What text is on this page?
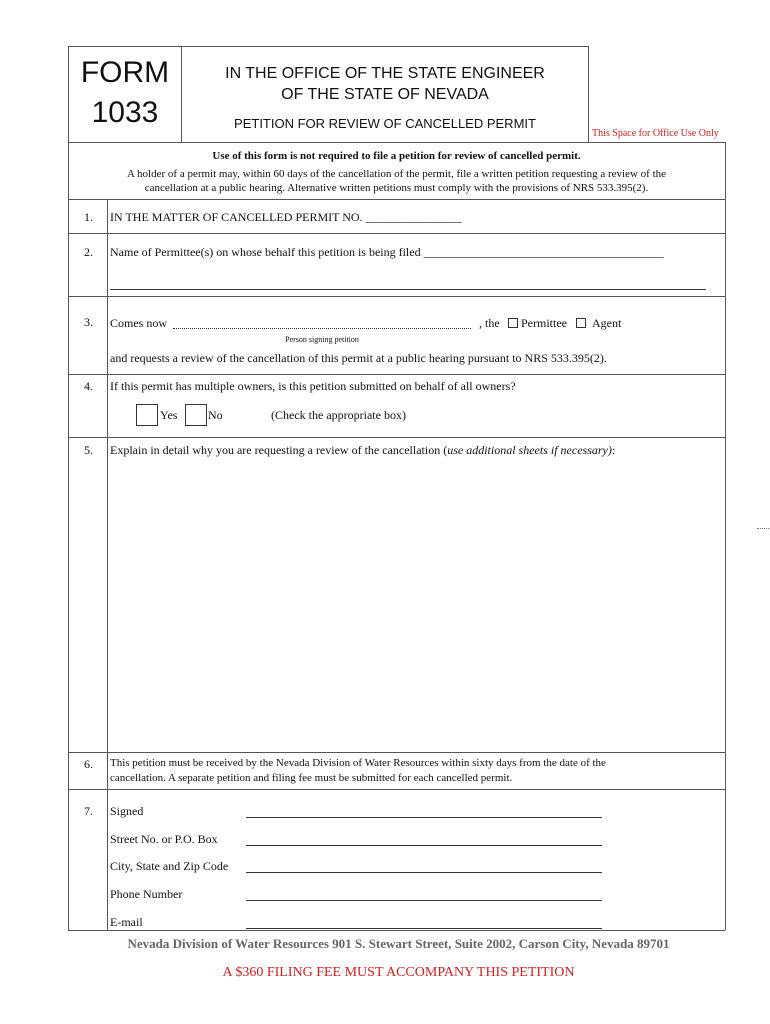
FORM
1033
IN THE OFFICE OF THE STATE ENGINEER
OF THE STATE OF NEVADA
PETITION FOR REVIEW OF CANCELLED PERMIT
This Space for Office Use Only
Use of this form is not required to file a petition for review of cancelled permit.
A holder of a permit may, within 60 days of the cancellation of the permit, file a written petition requesting a review of the
cancellation at a public hearing. Alternative written petitions must comply with the provisions of NRS 533.395(2).
1. IN THE MATTER OF CANCELLED PERMIT NO. ________________
2. Name of Permittee(s) on whose behalf this petition is being filed ________________________________________
3. Comes now	, the Permittee Agent
Person signing petition
and requests a review of the cancellation of this permit at a public hearing pursuant to NRS 533.395(2).
4. If this permit has multiple owners, is this petition submitted on behalf of all owners?
Yes	No	(Check the appropriate box)
5. Explain in detail why you are requesting a review of the cancellation (use additional sheets if necessary):
6. This petition must be received by the Nevada Division of Water Resources within sixty days from the date of the
cancellation. A separate petition and filing fee must be submitted for each cancelled permit.
7. Signed
Street No. or P.O. Box
City, State and Zip Code
Phone Number
E-mail
Nevada Division of Water Resources 901 S. Stewart Street, Suite 2002, Carson City, Nevada 89701
A $360 FILING FEE MUST ACCOMPANY THIS PETITION
